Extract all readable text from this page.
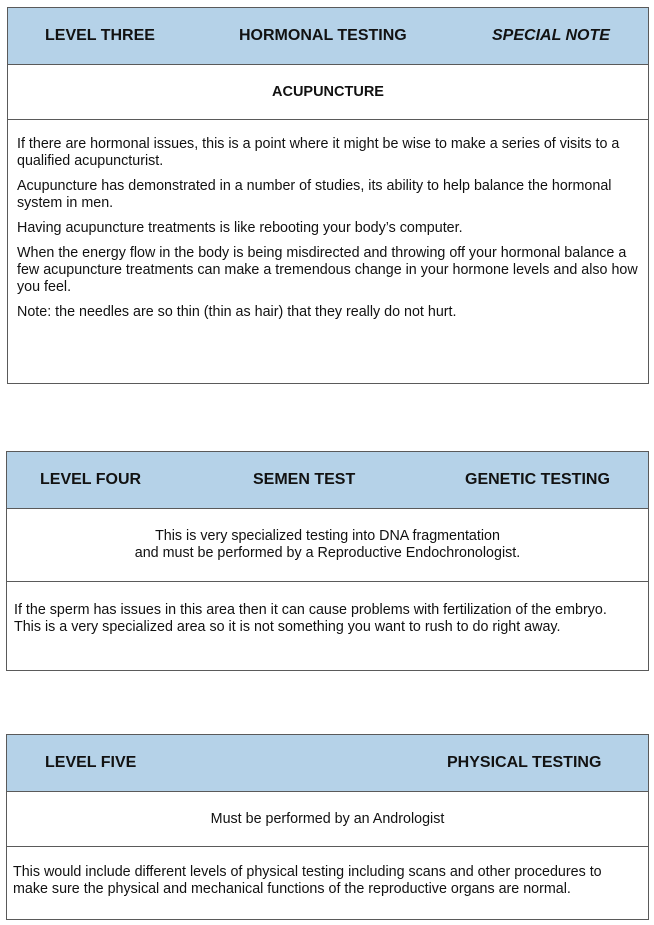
LEVEL THREE	HORMONAL TESTING	SPECIAL NOTE
ACUPUNCTURE

If there are hormonal issues, this is a point where it might be wise to make a series of visits to a qualified acupuncturist.

Acupuncture has demonstrated in a number of studies, its ability to help balance the hormonal system in men.

Having acupuncture treatments is like rebooting your body’s computer.

When the energy flow in the body is being misdirected and throwing off your hormonal balance a few acupuncture treatments can make a tremendous change in your hormone levels and also how you feel.

Note: the needles are so thin (thin as hair) that they really do not hurt.

LEVEL FOUR	SEMEN TEST	GENETIC TESTING
This is very specialized testing into DNA fragmentation
and must be performed by a Reproductive Endochronologist.

If the sperm has issues in this area then it can cause problems with fertilization of the embryo. This is a very specialized area so it is not something you want to rush to do right away.

LEVEL FIVE	PHYSICAL TESTING
Must be performed by an Andrologist

This would include different levels of physical testing including scans and other procedures to make sure the physical and mechanical functions of the reproductive organs are normal.
